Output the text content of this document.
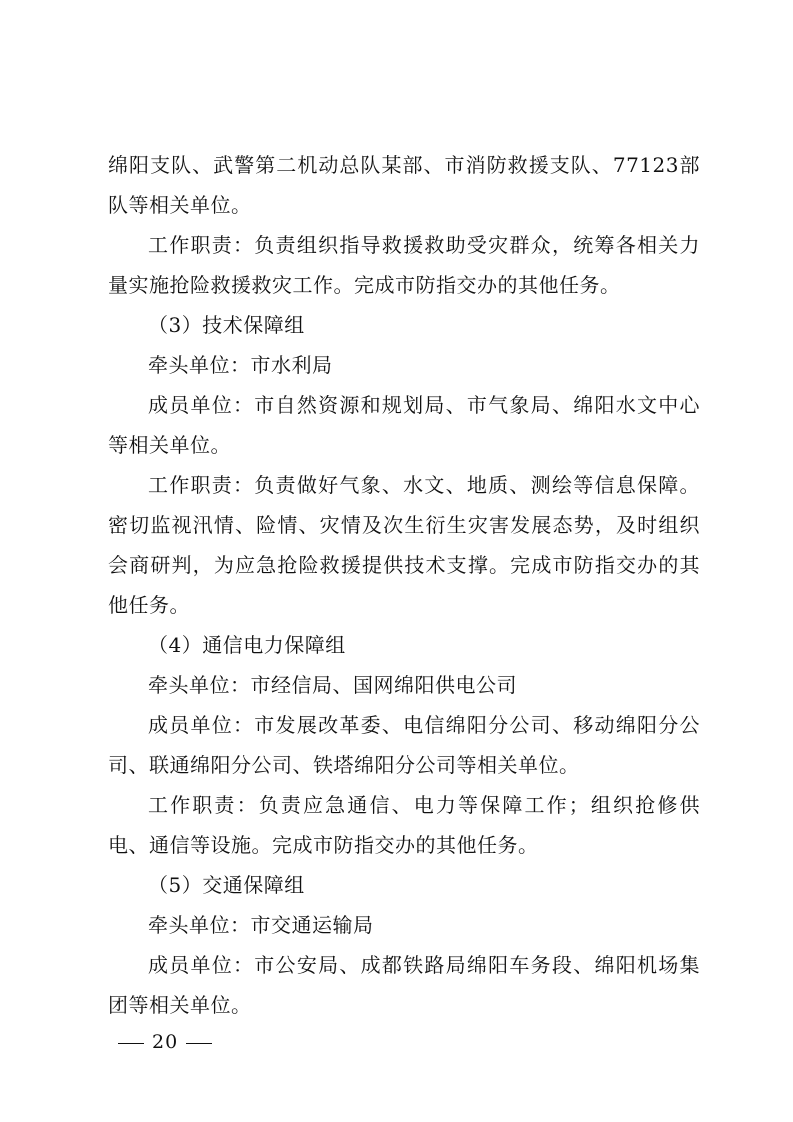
绵阳支队、武警第二机动总队某部、市消防救援支队、77123部队等相关单位。

工作职责：负责组织指导救援救助受灾群众，统筹各相关力量实施抢险救援救灾工作。完成市防指交办的其他任务。

（3）技术保障组

牵头单位：市水利局

成员单位：市自然资源和规划局、市气象局、绵阳水文中心等相关单位。

工作职责：负责做好气象、水文、地质、测绘等信息保障。密切监视汛情、险情、灾情及次生衍生灾害发展态势，及时组织会商研判，为应急抢险救援提供技术支撑。完成市防指交办的其他任务。

（4）通信电力保障组

牵头单位：市经信局、国网绵阳供电公司

成员单位：市发展改革委、电信绵阳分公司、移动绵阳分公司、联通绵阳分公司、铁塔绵阳分公司等相关单位。

工作职责：负责应急通信、电力等保障工作；组织抢修供电、通信等设施。完成市防指交办的其他任务。

（5）交通保障组

牵头单位：市交通运输局

成员单位：市公安局、成都铁路局绵阳车务段、绵阳机场集团等相关单位。

20
